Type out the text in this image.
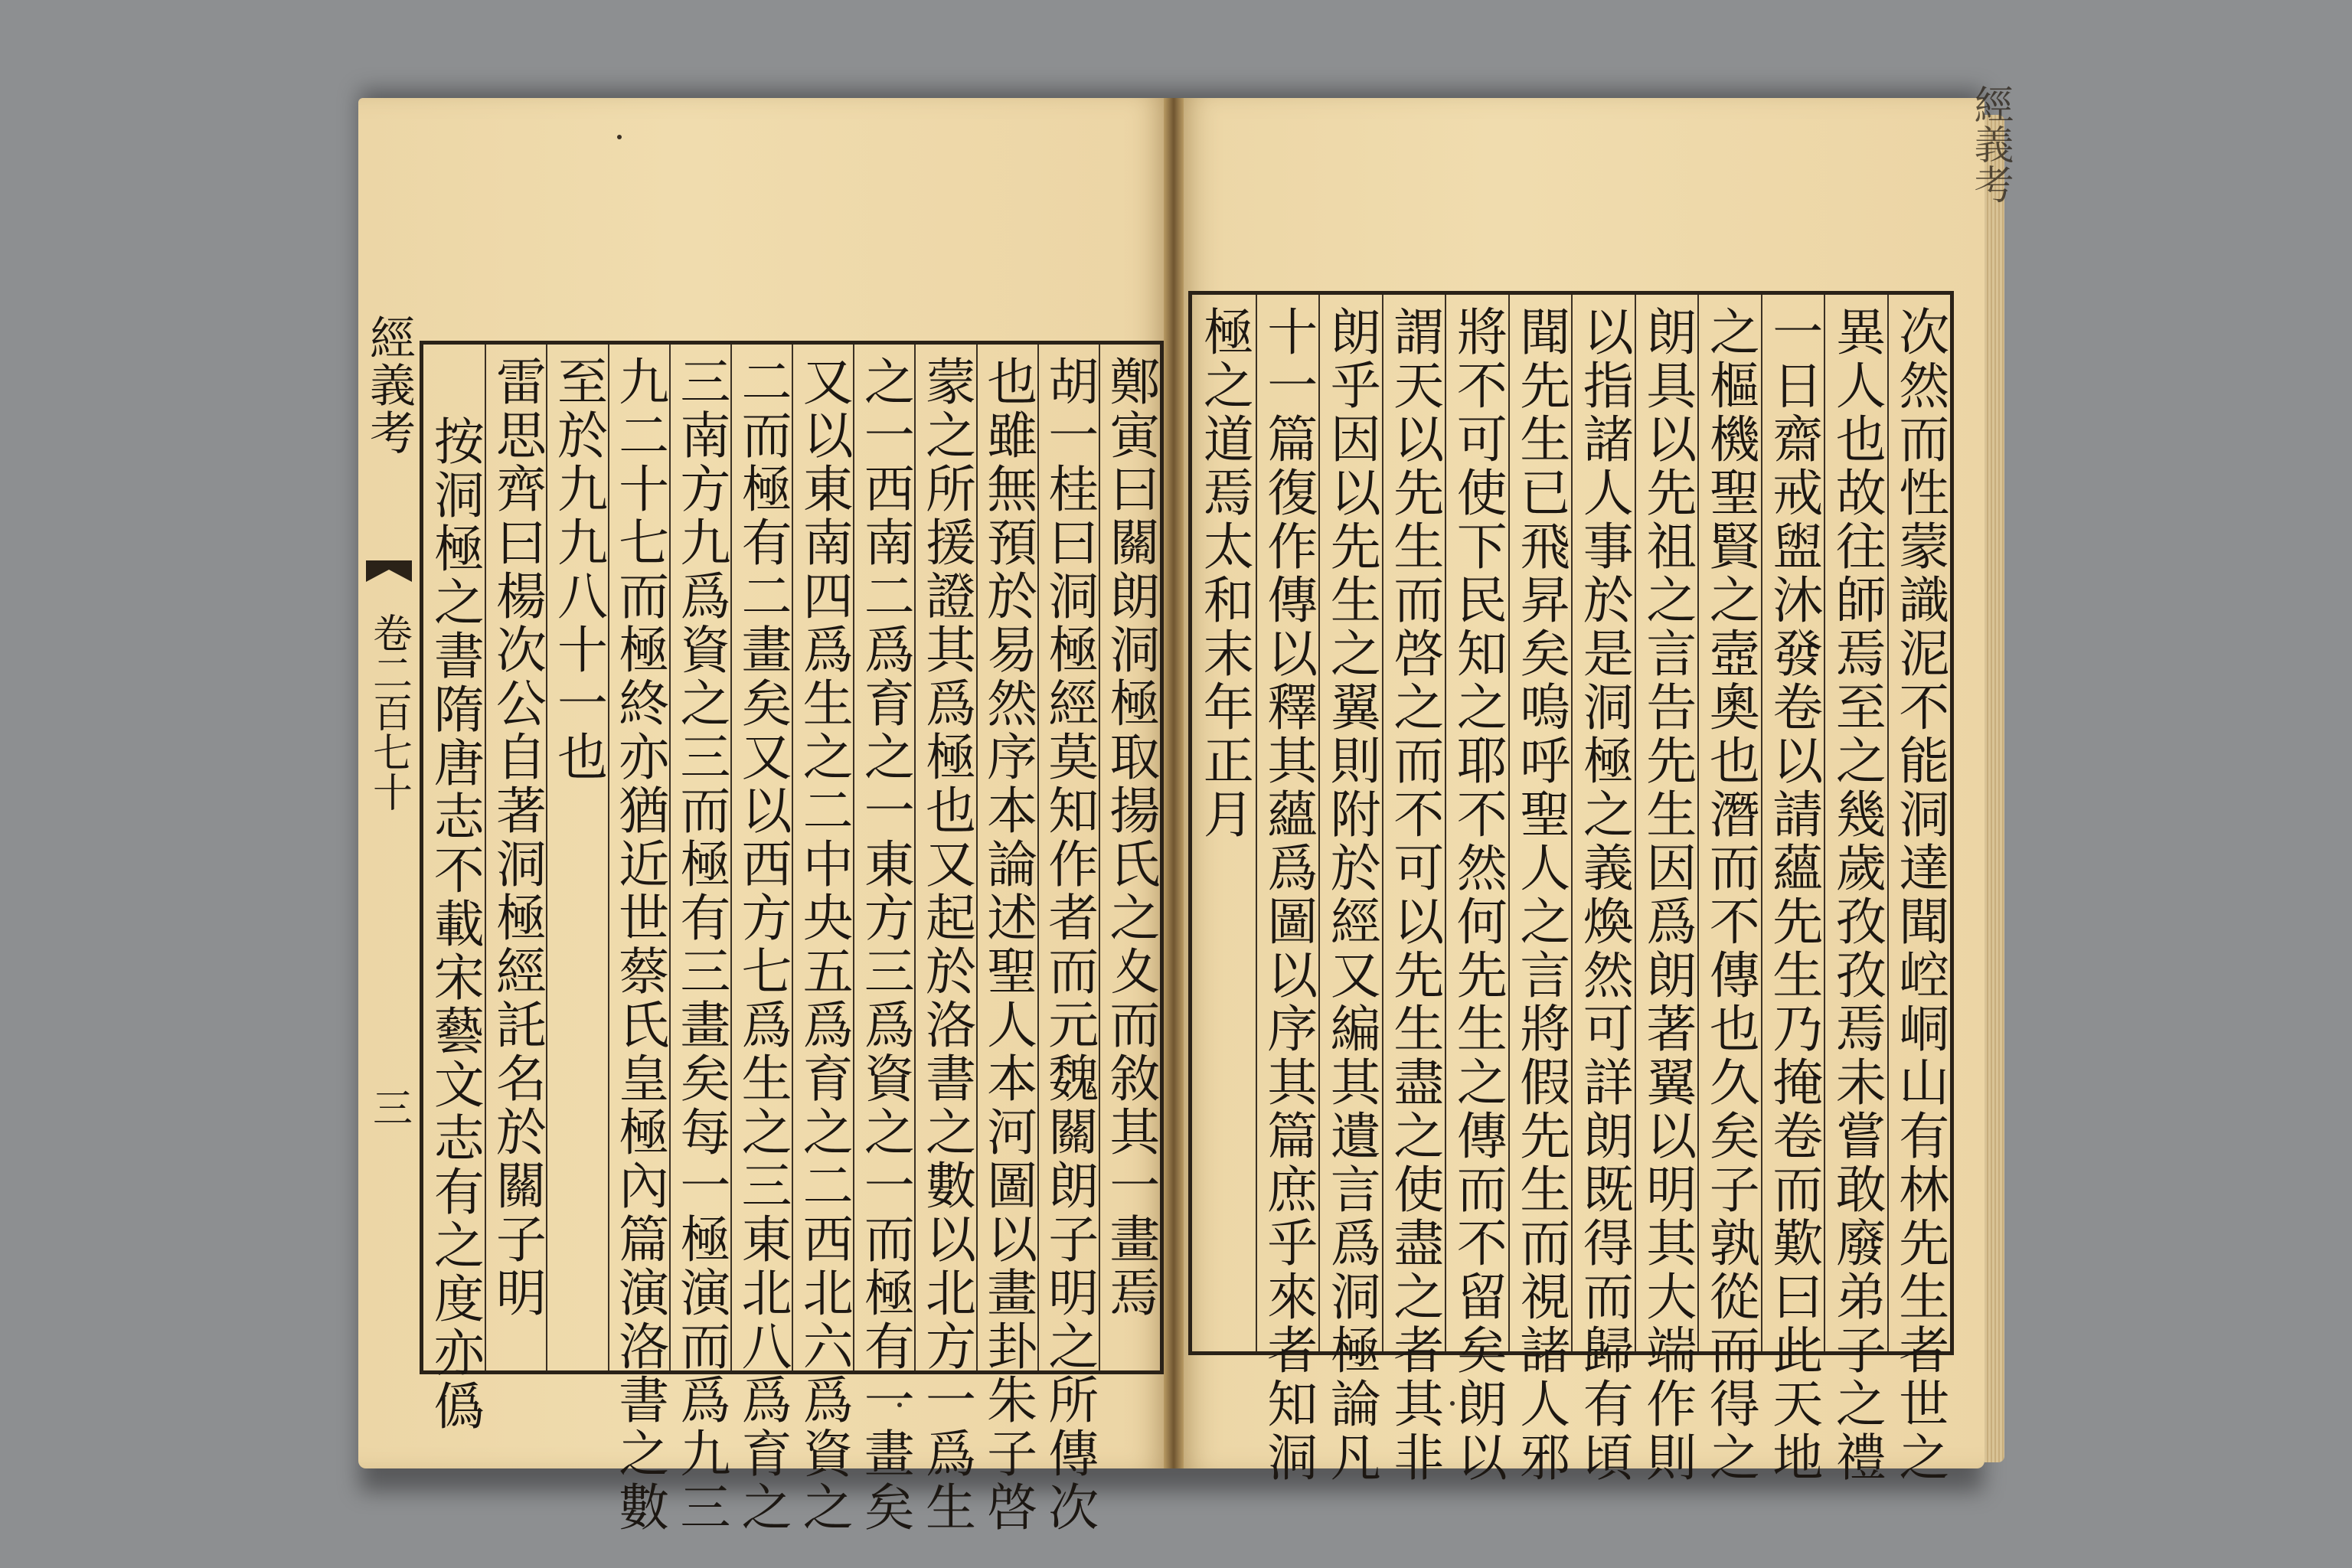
經義考
卷二百七十
三	鄭寅曰關朗洞極取揚氏之夊而敘其一畫焉
胡一桂曰洞極經莫知作者而元魏關朗子明之所傳次
也雖無預於易然序本論述聖人本河圖以畫卦朱子啓
蒙之所援證其爲極也又起於洛書之數以北方一爲生
之一西南二爲育之一東方三爲資之一而極有一畫矣
又以東南四爲生之二中央五爲育之二西北六爲資之
二而極有二畫矣又以西方七爲生之三東北八爲育之
三南方九爲資之三而極有三畫矣每一極演而爲九三
九二十七而極終亦猶近世蔡氏皇極內篇演洛書之數
至於九九八十一也
雷思齊曰楊次公自著洞極經託名於關子明
按洞極之書隋唐志不載宋藝文志有之度亦僞	次然而性蒙識泥不能洞達聞崆峒山有林先生者世之
異人也故往師焉至之幾歲孜孜焉未嘗敢廢弟子之禮
一日齋戒盥沐發卷以請蘊先生乃掩卷而歎曰此天地
之樞機聖賢之壼奧也潛而不傳也久矣子孰從而得之
朗具以先祖之言告先生因爲朗著翼以明其大端作則
以指諸人事於是洞極之義煥然可詳朗既得而歸有頃
聞先生已飛昇矣嗚呼聖人之言將假先生而視諸人邪
將不可使下民知之耶不然何先生之傳而不留矣朗以
謂天以先生而啓之而不可以先生盡之使盡之者其非
朗乎因以先生之翼則附於經又編其遺言爲洞極論凡
十一篇復作傳以釋其蘊爲圖以序其篇庶乎來者知洞
極之道焉太和末年正月
經義考
